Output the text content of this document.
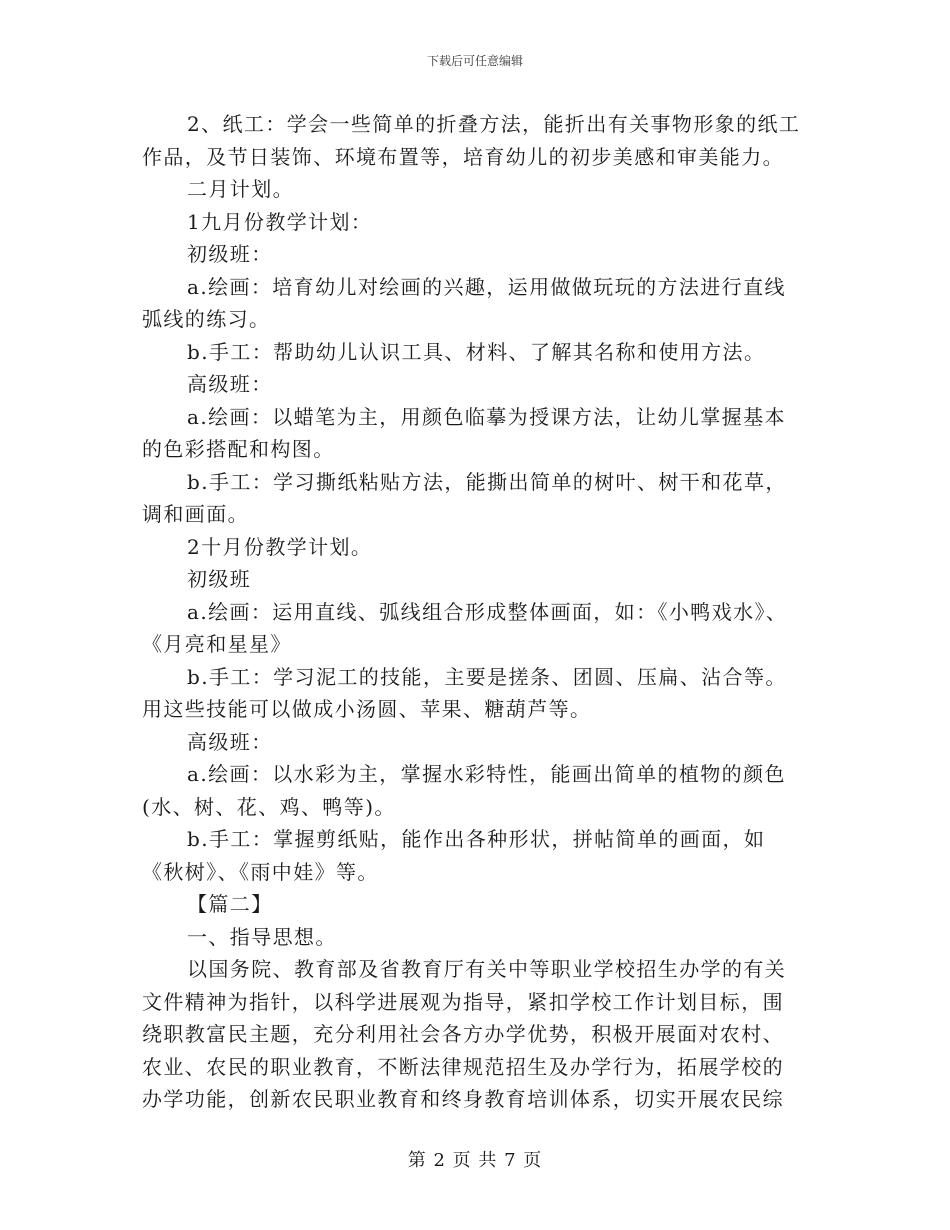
下载后可任意编辑
2、纸工：学会一些简单的折叠方法，能折出有关事物形象的纸工
作品，及节日装饰、环境布置等，培育幼儿的初步美感和审美能力。
二月计划。
1九月份教学计划：
初级班：
a.绘画：培育幼儿对绘画的兴趣，运用做做玩玩的方法进行直线
弧线的练习。
b.手工：帮助幼儿认识工具、材料、了解其名称和使用方法。
高级班：
a.绘画：以蜡笔为主，用颜色临摹为授课方法，让幼儿掌握基本
的色彩搭配和构图。
b.手工：学习撕纸粘贴方法，能撕出简单的树叶、树干和花草，
调和画面。
2十月份教学计划。
初级班
a.绘画：运用直线、弧线组合形成整体画面，如：《小鸭戏水》、
《月亮和星星》
b.手工：学习泥工的技能，主要是搓条、团圆、压扁、沾合等。
用这些技能可以做成小汤圆、苹果、糖葫芦等。
高级班：
a.绘画：以水彩为主，掌握水彩特性，能画出简单的植物的颜色
(水、树、花、鸡、鸭等)。
b.手工：掌握剪纸贴，能作出各种形状，拼帖简单的画面，如
《秋树》、《雨中娃》等。
【篇二】
一、指导思想。
以国务院、教育部及省教育厅有关中等职业学校招生办学的有关
文件精神为指针，以科学进展观为指导，紧扣学校工作计划目标，围
绕职教富民主题，充分利用社会各方办学优势，积极开展面对农村、
农业、农民的职业教育，不断法律规范招生及办学行为，拓展学校的
办学功能，创新农民职业教育和终身教育培训体系，切实开展农民综
第 2 页 共 7 页
